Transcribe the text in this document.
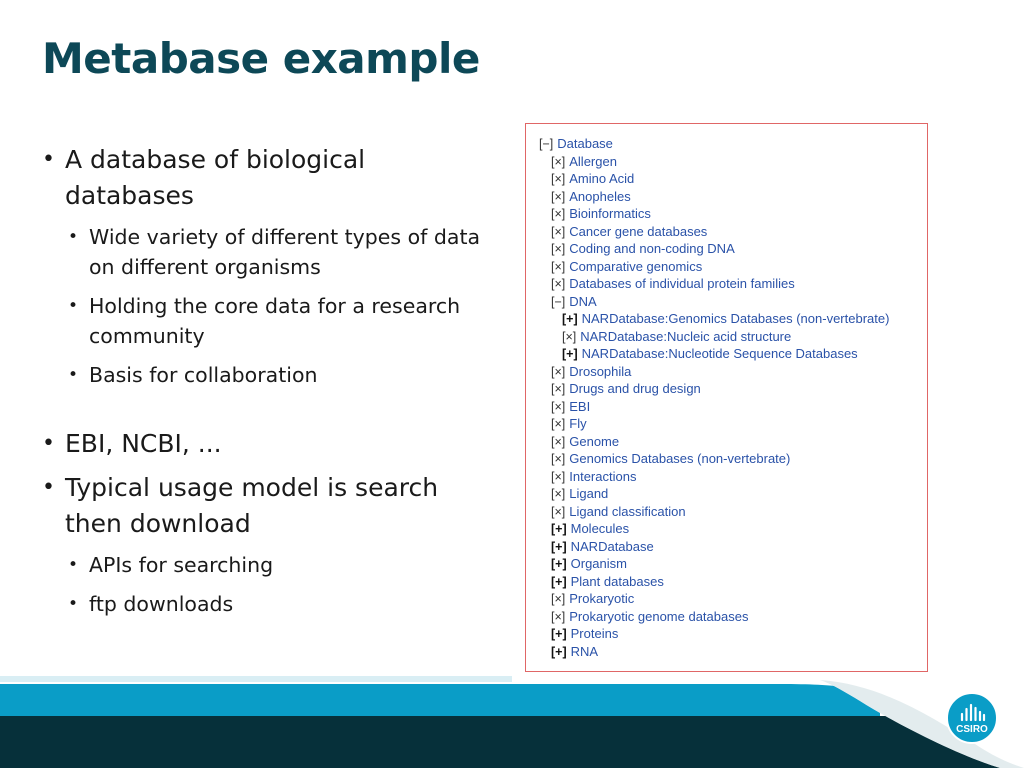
Metabase example
• A database of biological databases
• Wide variety of different types of data on different organisms
• Holding the core data for a research community
• Basis for collaboration
• EBI, NCBI, ...
• Typical usage model is search then download
• APIs for searching
• ftp downloads
[−] Database
[×] Allergen
[×] Amino Acid
[×] Anopheles
[×] Bioinformatics
[×] Cancer gene databases
[×] Coding and non-coding DNA
[×] Comparative genomics
[×] Databases of individual protein families
[−] DNA
[+] NARDatabase:Genomics Databases (non-vertebrate)
[×] NARDatabase:Nucleic acid structure
[+] NARDatabase:Nucleotide Sequence Databases
[×] Drosophila
[×] Drugs and drug design
[×] EBI
[×] Fly
[×] Genome
[×] Genomics Databases (non-vertebrate)
[×] Interactions
[×] Ligand
[×] Ligand classification
[+] Molecules
[+] NARDatabase
[+] Organism
[+] Plant databases
[×] Prokaryotic
[×] Prokaryotic genome databases
[+] Proteins
[+] RNA
CSIRO
